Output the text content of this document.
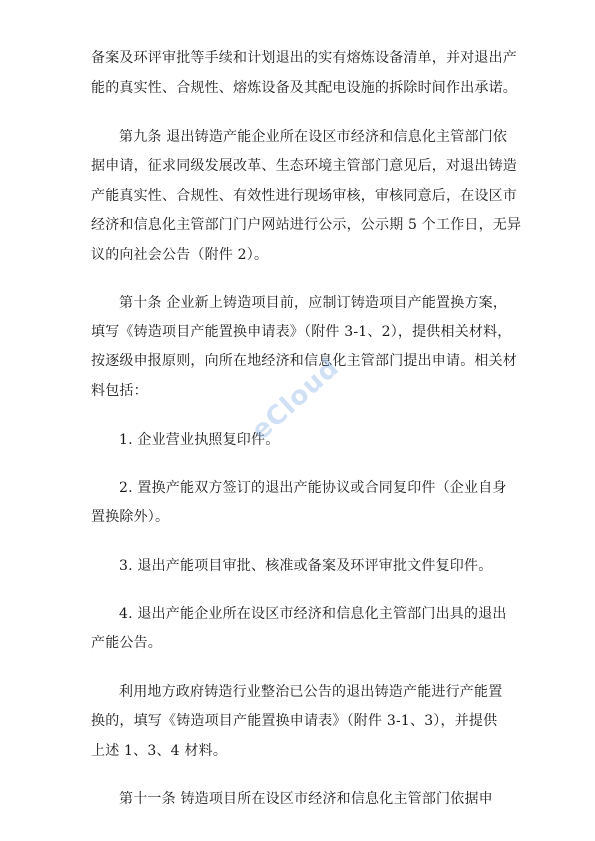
备案及环评审批等手续和计划退出的实有熔炼设备清单，并对退出产
能的真实性、合规性、熔炼设备及其配电设施的拆除时间作出承诺。
第九条 退出铸造产能企业所在设区市经济和信息化主管部门依
据申请，征求同级发展改革、生态环境主管部门意见后，对退出铸造
产能真实性、合规性、有效性进行现场审核，审核同意后，在设区市
经济和信息化主管部门门户网站进行公示，公示期 5 个工作日，无异
议的向社会公告（附件 2）。
第十条 企业新上铸造项目前，应制订铸造项目产能置换方案，
填写《铸造项目产能置换申请表》（附件 3-1、2），提供相关材料，
按逐级申报原则，向所在地经济和信息化主管部门提出申请。相关材
料包括：
1. 企业营业执照复印件。
2. 置换产能双方签订的退出产能协议或合同复印件（企业自身
置换除外）。
3. 退出产能项目审批、核准或备案及环评审批文件复印件。
4. 退出产能企业所在设区市经济和信息化主管部门出具的退出
产能公告。
利用地方政府铸造行业整治已公告的退出铸造产能进行产能置
换的，填写《铸造项目产能置换申请表》（附件 3-1、3），并提供
上述 1、3、4 材料。
第十一条 铸造项目所在设区市经济和信息化主管部门依据申
eCloud
